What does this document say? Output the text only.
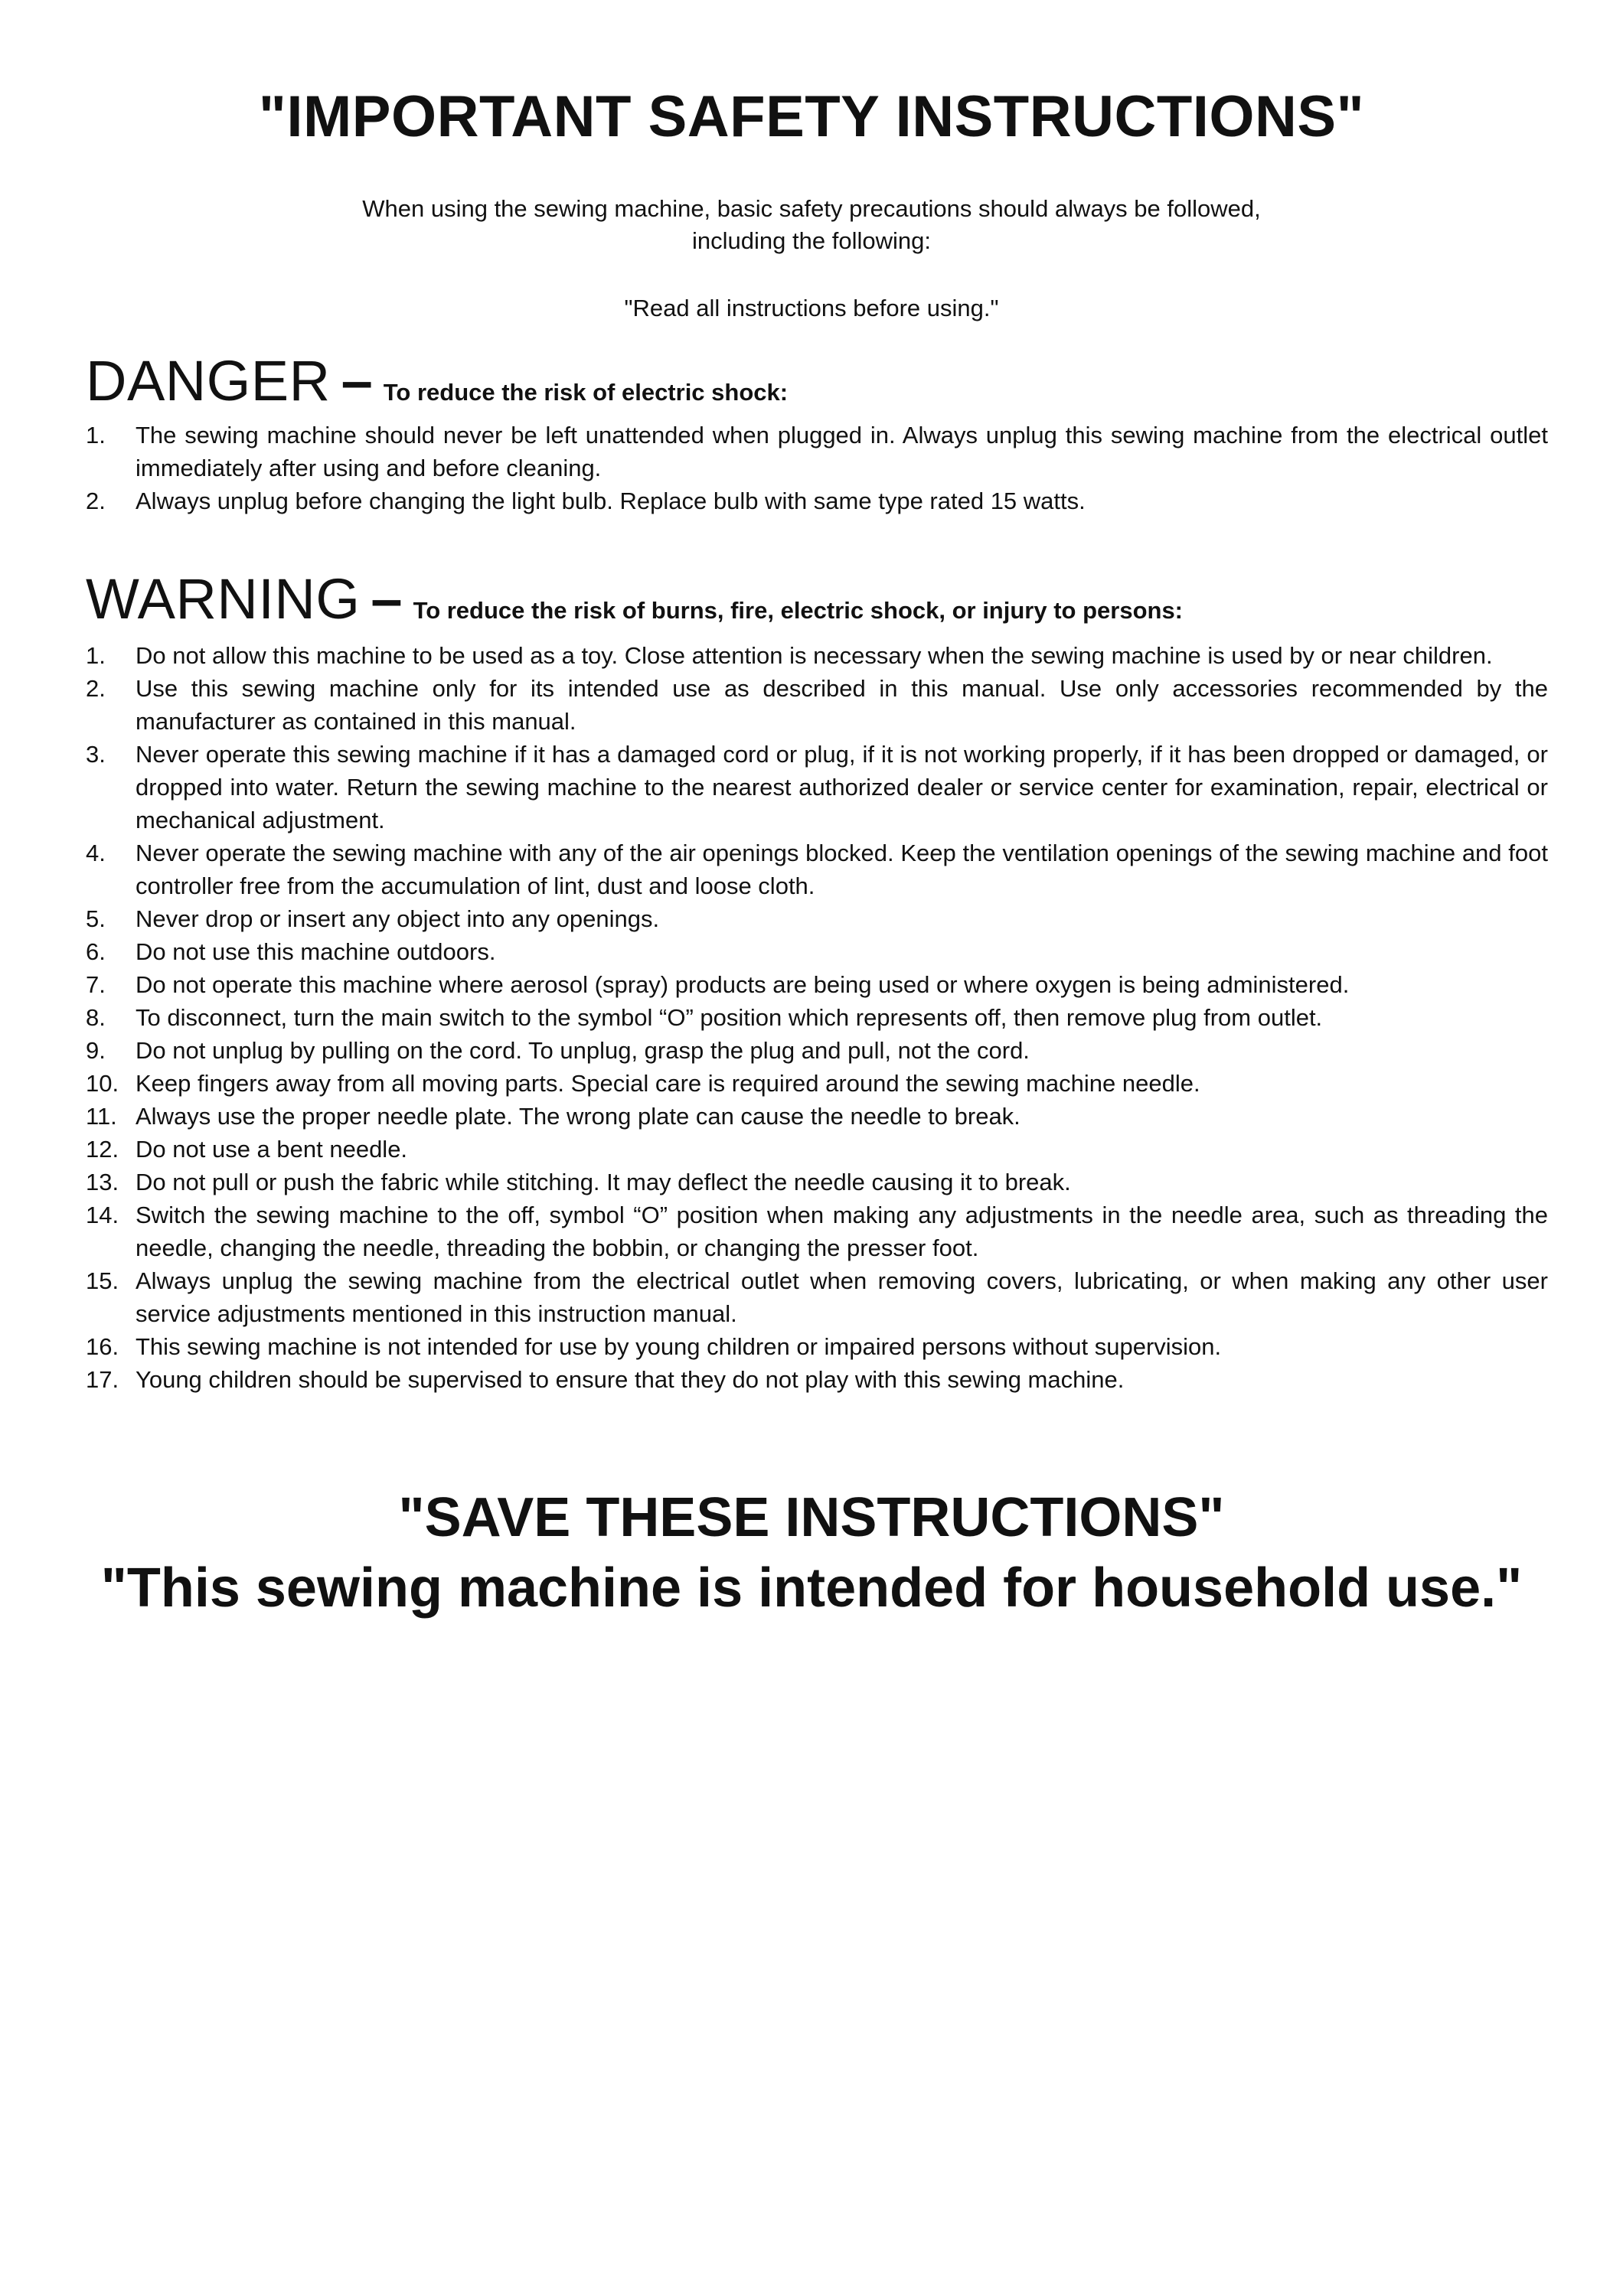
"IMPORTANT SAFETY INSTRUCTIONS"

When using the sewing machine, basic safety precautions should always be followed,
including the following:

"Read all instructions before using."

DANGER – To reduce the risk of electric shock:
1. The sewing machine should never be left unattended when plugged in. Always unplug this sewing machine from the electrical outlet immediately after using and before cleaning.
2. Always unplug before changing the light bulb. Replace bulb with same type rated 15 watts.
WARNING – To reduce the risk of burns, fire, electric shock, or injury to persons:
1. Do not allow this machine to be used as a toy. Close attention is necessary when the sewing machine is used by or near children.
2. Use this sewing machine only for its intended use as described in this manual. Use only accessories recommended by the manufacturer as contained in this manual.
3. Never operate this sewing machine if it has a damaged cord or plug, if it is not working properly, if it has been dropped or damaged, or dropped into water. Return the sewing machine to the nearest authorized dealer or service center for examination, repair, electrical or mechanical adjustment.
4. Never operate the sewing machine with any of the air openings blocked. Keep the ventilation openings of the sewing machine and foot controller free from the accumulation of lint, dust and loose cloth.
5. Never drop or insert any object into any openings.
6. Do not use this machine outdoors.
7. Do not operate this machine where aerosol (spray) products are being used or where oxygen is being administered.
8. To disconnect, turn the main switch to the symbol “O” position which represents off, then remove plug from outlet.
9. Do not unplug by pulling on the cord. To unplug, grasp the plug and pull, not the cord.
10. Keep fingers away from all moving parts. Special care is required around the sewing machine needle.
11. Always use the proper needle plate. The wrong plate can cause the needle to break.
12. Do not use a bent needle.
13. Do not pull or push the fabric while stitching. It may deflect the needle causing it to break.
14. Switch the sewing machine to the off, symbol “O” position when making any adjustments in the needle area, such as threading the needle, changing the needle, threading the bobbin, or changing the presser foot.
15. Always unplug the sewing machine from the electrical outlet when removing covers, lubricating, or when making any other user service adjustments mentioned in this instruction manual.
16. This sewing machine is not intended for use by young children or impaired persons without supervision.
17. Young children should be supervised to ensure that they do not play with this sewing machine.
"SAVE THESE INSTRUCTIONS"
"This sewing machine is intended for household use."
